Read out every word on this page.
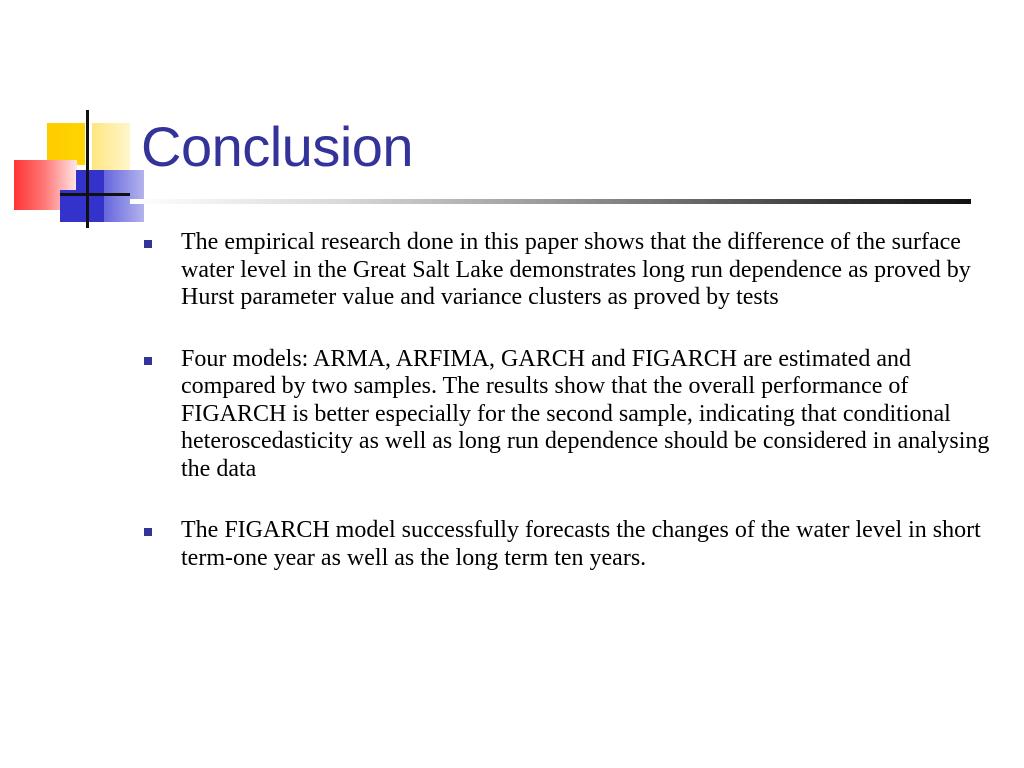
Conclusion
The empirical research done in this paper shows that the difference of the surface water level in the Great Salt Lake demonstrates long run dependence as proved by Hurst parameter value and variance clusters as proved by tests
Four models: ARMA, ARFIMA, GARCH and FIGARCH are estimated and compared by two samples. The results show that the overall performance of FIGARCH is better especially for the second sample, indicating that conditional heteroscedasticity as well as long run dependence should be considered in analysing the data
The FIGARCH model successfully forecasts the changes of the water level in short term-one year as well as the long term ten years.
